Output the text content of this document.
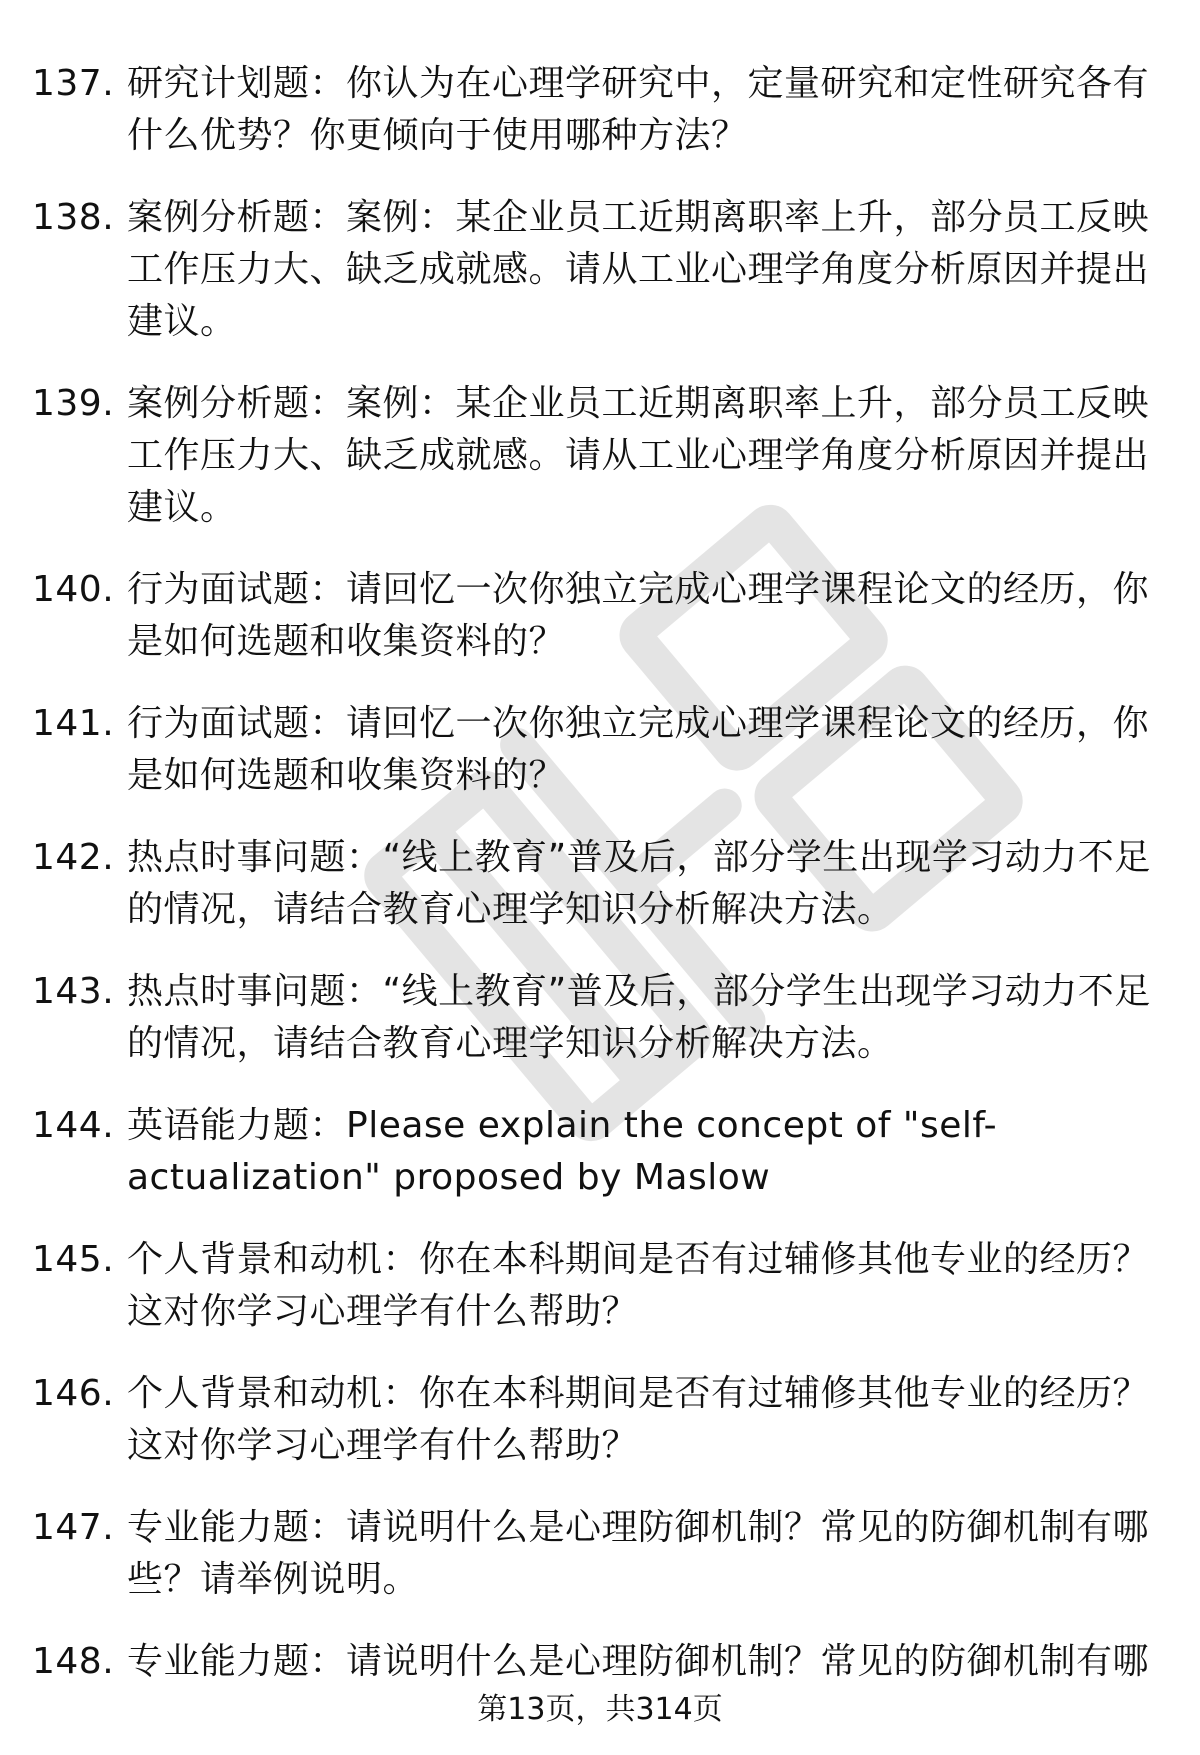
137. 研究计划题：你认为在心理学研究中，定量研究和定性研究各有什么优势？你更倾向于使用哪种方法？
138. 案例分析题：案例：某企业员工近期离职率上升，部分员工反映工作压力大、缺乏成就感。请从工业心理学角度分析原因并提出建议。
139. 案例分析题：案例：某企业员工近期离职率上升，部分员工反映工作压力大、缺乏成就感。请从工业心理学角度分析原因并提出建议。
140. 行为面试题：请回忆一次你独立完成心理学课程论文的经历，你是如何选题和收集资料的？
141. 行为面试题：请回忆一次你独立完成心理学课程论文的经历，你是如何选题和收集资料的？
142. 热点时事问题：“线上教育”普及后，部分学生出现学习动力不足的情况，请结合教育心理学知识分析解决方法。
143. 热点时事问题：“线上教育”普及后，部分学生出现学习动力不足的情况，请结合教育心理学知识分析解决方法。
144. 英语能力题：Please explain the concept of "self-actualization" proposed by Maslow
145. 个人背景和动机：你在本科期间是否有过辅修其他专业的经历？这对你学习心理学有什么帮助？
146. 个人背景和动机：你在本科期间是否有过辅修其他专业的经历？这对你学习心理学有什么帮助？
147. 专业能力题：请说明什么是心理防御机制？常见的防御机制有哪些？请举例说明。
148. 专业能力题：请说明什么是心理防御机制？常见的防御机制有哪
第13页，共314页
